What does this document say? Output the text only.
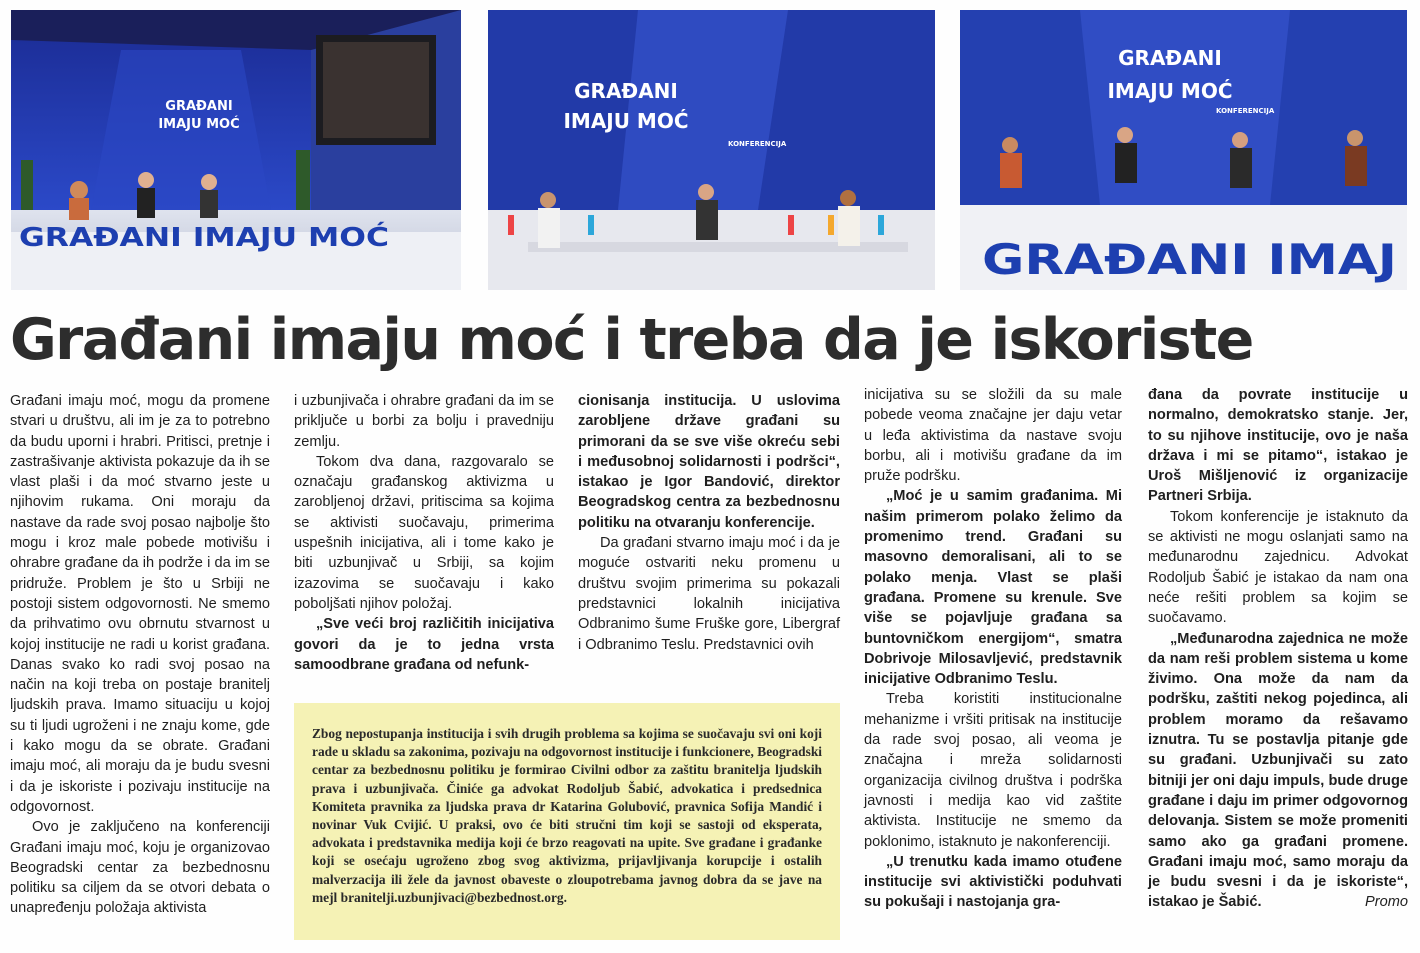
GRAĐANI
IMAJU MOĆ
GRAĐANI IMAJU MOĆ
GRAĐANI
IMAJU MOĆ
KONFERENCIJA
GRAĐANI
IMAJU MOĆ
KONFERENCIJA
GRAĐANI IMAJ
Građani imaju moć i treba da je iskoriste

Građani imaju moć, mogu da promene stvari u društvu, ali im je za to potrebno da budu uporni i hrabri. Pritisci, pretnje i zastrašivanje aktivista pokazuje da ih se vlast plaši i da moć stvarno jeste u njihovim rukama. Oni moraju da nastave da rade svoj posao najbolje što mogu i kroz male pobede motivišu i ohrabre građane da ih podrže i da im se pridruže. Problem je što u Srbiji ne postoji sistem odgovornosti. Ne smemo da prihvatimo ovu obrnutu stvarnost u kojoj institucije ne radi u korist građana. Danas svako ko radi svoj posao na način na koji treba on postaje branitelj ljudskih prava. Imamo situaciju u kojoj su ti ljudi ugroženi i ne znaju kome, gde i kako mogu da se obrate. Građani imaju moć, ali moraju da je budu svesni i da je iskoriste i pozivaju institucije na odgovornost.

Ovo je zaključeno na konferenciji Građani imaju moć, koju je organizovao Beogradski centar za bezbednosnu politiku sa ciljem da se otvori debata o unapređenju položaja aktivista

i uzbunjivača i ohrabre građani da im se priključe u borbi za bolju i pravedniju zemlju.

Tokom dva dana, razgovaralo se označaju građanskog aktivizma u zarobljenoj državi, pritiscima sa kojima se aktivisti suočavaju, primerima uspešnih inicijativa, ali i tome kako je biti uzbunjivač u Srbiji, sa kojim izazovima se suočavaju i kako poboljšati njihov položaj.

„Sve veći broj različitih inicijativa govori da je to jedna vrsta samoodbrane građana od nefunk-

cionisanja institucija. U uslovima zarobljene države građani su primorani da se sve više okreću sebi i međusobnoj solidarnosti i podršci“, istakao je Igor Bandović, direktor Beogradskog centra za bezbednosnu politiku na otvaranju konferencije.

Da građani stvarno imaju moć i da je moguće ostvariti neku promenu u društvu svojim primerima su pokazali predstavnici lokalnih inicijativa Odbranimo šume Fruške gore, Libergraf i Odbranimo Teslu. Predstavnici ovih

inicijativa su se složili da su male pobede veoma značajne jer daju vetar u leđa aktivistima da nastave svoju borbu, ali i motivišu građane da im pruže podršku.

„Moć je u samim građanima. Mi našim primerom polako želimo da promenimo trend. Građani su masovno demoralisani, ali to se polako menja. Vlast se plaši građana. Promene su krenule. Sve više se pojavljuje građana sa buntovničkom energijom“, smatra Dobrivoje Milosavljević, predstavnik inicijative Odbranimo Teslu.

Treba koristiti institucionalne mehanizme i vršiti pritisak na institucije da rade svoj posao, ali veoma je značajna i mreža solidarnosti organizacija civilnog društva i podrška javnosti i medija kao vid zaštite aktivista. Institucije ne smemo da poklonimo, istaknuto je nakonferenciji.

„U trenutku kada imamo otuđene institucije svi aktivistički poduhvati su pokušaji i nastojanja gra-

đana da povrate institucije u normalno, demokratsko stanje. Jer, to su njihove institucije, ovo je naša država i mi se pitamo“, istakao je Uroš Mišljenović iz organizacije Partneri Srbija.

Tokom konferencije je istaknuto da se aktivisti ne mogu oslanjati samo na međunarodnu zajednicu. Advokat Rodoljub Šabić je istakao da nam ona neće rešiti problem sa kojim se suočavamo.

„Međunarodna zajednica ne može da nam reši problem sistema u kome živimo. Ona može da nam da podršku, zaštiti nekog pojedinca, ali problem moramo da rešavamo iznutra. Tu se postavlja pitanje gde su građani. Uzbunjivači su zato bitniji jer oni daju impuls, bude druge građane i daju im primer odgovornog delovanja. Sistem se može promeniti samo ako ga građani promene. Građani imaju moć, samo moraju da je budu svesni i da je iskoriste“, istakao je Šabić.	Promo

Zbog nepostupanja institucija i svih drugih problema sa kojima se suočavaju svi oni koji rade u skladu sa zakonima, pozivaju na odgovornost institucije i funkcionere, Beogradski centar za bezbednosnu politiku je formirao Civilni odbor za zaštitu branitelja ljudskih prava i uzbunjivača. Činiće ga advokat Rodoljub Šabić, advokatica i predsednica Komiteta pravnika za ljudska prava dr Katarina Golubović, pravnica Sofija Mandić i novinar Vuk Cvijić. U praksi, ovo će biti stručni tim koji se sastoji od eksperata, advokata i predstavnika medija koji će brzo reagovati na upite. Sve građane i građanke koji se osećaju ugroženo zbog svog aktivizma, prijavljivanja korupcije i ostalih malverzacija ili žele da javnost obaveste o zloupotrebama javnog dobra da se jave na mejl branitelji.uzbunjivaci@bezbednost.org.
